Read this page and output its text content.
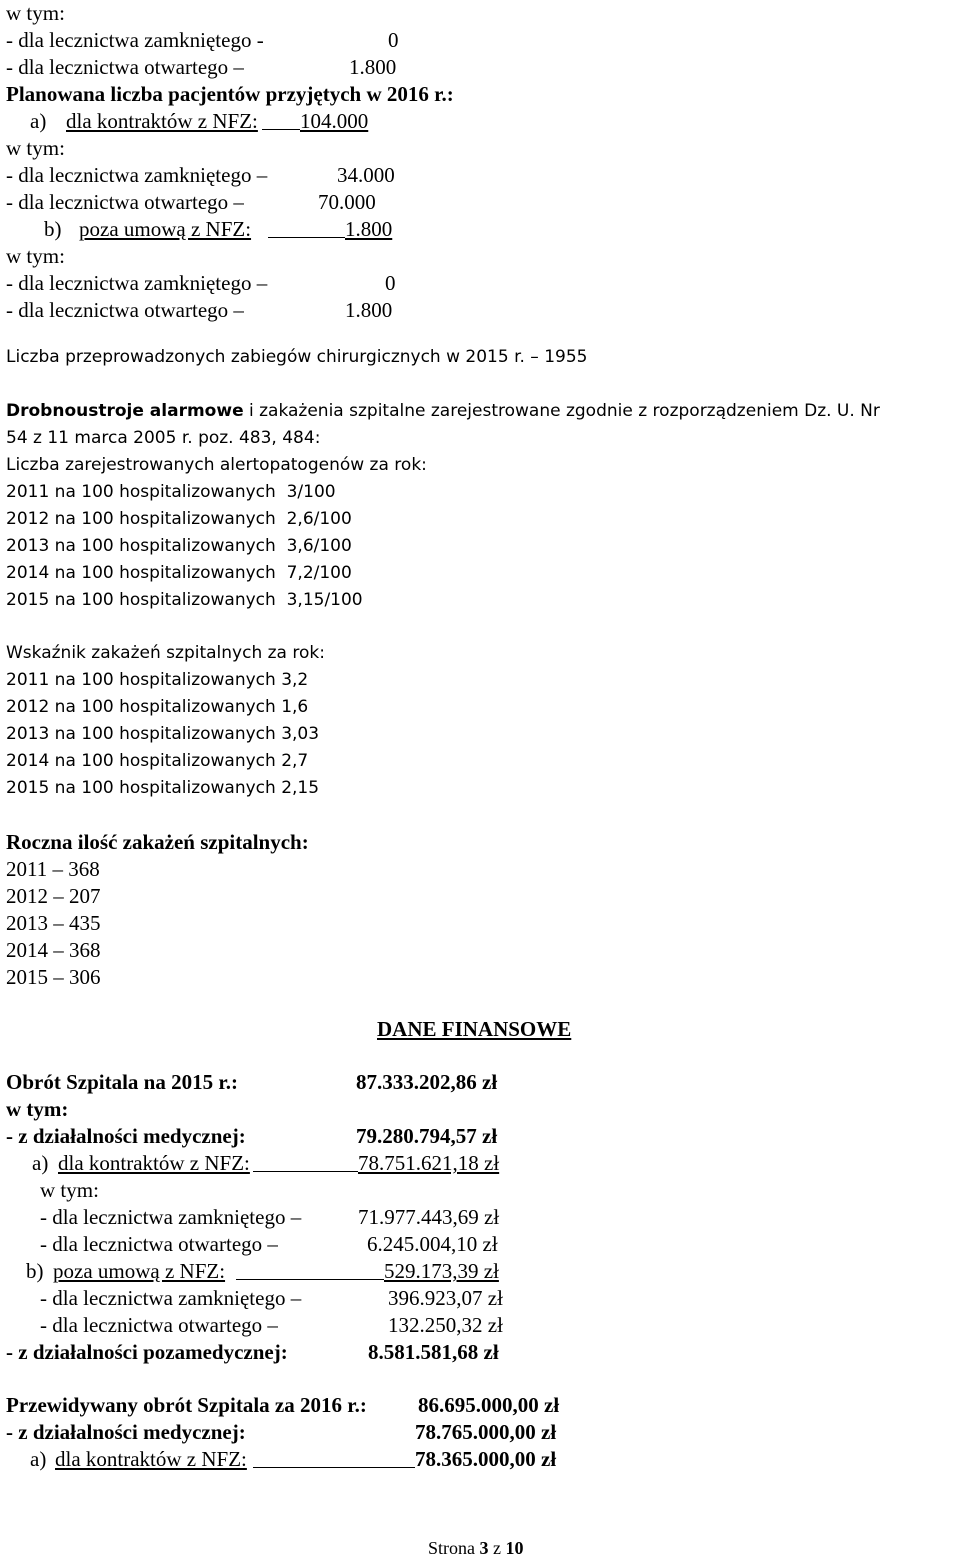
w tym:
- dla lecznictwa zamkniętego -	0
- dla lecznictwa otwartego –	1.800
Planowana liczba pacjentów przyjętych w 2016 r.:
a) dla kontraktów z NFZ: 104.000
w tym:
- dla lecznictwa zamkniętego –	34.000
- dla lecznictwa otwartego –	70.000
b) poza umową z NFZ:	1.800
w tym:
- dla lecznictwa zamkniętego –	0
- dla lecznictwa otwartego –	1.800
Liczba przeprowadzonych zabiegów chirurgicznych w 2015 r. – 1955
Drobnoustroje alarmowe i zakażenia szpitalne zarejestrowane zgodnie z rozporządzeniem Dz. U. Nr
54 z 11 marca 2005 r. poz. 483, 484:
Liczba zarejestrowanych alertopatogenów za rok:
2011 na 100 hospitalizowanych  3/100
2012 na 100 hospitalizowanych  2,6/100
2013 na 100 hospitalizowanych  3,6/100
2014 na 100 hospitalizowanych  7,2/100
2015 na 100 hospitalizowanych  3,15/100
Wskaźnik zakażeń szpitalnych za rok:
2011 na 100 hospitalizowanych 3,2
2012 na 100 hospitalizowanych 1,6
2013 na 100 hospitalizowanych 3,03
2014 na 100 hospitalizowanych 2,7
2015 na 100 hospitalizowanych 2,15
Roczna ilość zakażeń szpitalnych:
2011 – 368
2012 – 207
2013 – 435
2014 – 368
2015 – 306
DANE FINANSOWE
Obrót Szpitala na 2015 r.:	87.333.202,86 zł
w tym:
- z działalności medycznej:	79.280.794,57 zł
a) dla kontraktów z NFZ:	78.751.621,18 zł
w tym:
- dla lecznictwa zamkniętego –	71.977.443,69 zł
- dla lecznictwa otwartego –	6.245.004,10 zł
b) poza umową z NFZ:	529.173,39 zł
- dla lecznictwa zamkniętego –	396.923,07 zł
- dla lecznictwa otwartego –	132.250,32 zł
- z działalności pozamedycznej:	8.581.581,68 zł
Przewidywany obrót Szpitala za 2016 r.: 86.695.000,00 zł
- z działalności medycznej:	78.765.000,00 zł
a) dla kontraktów z NFZ:	78.365.000,00 zł
Strona 3 z 10
